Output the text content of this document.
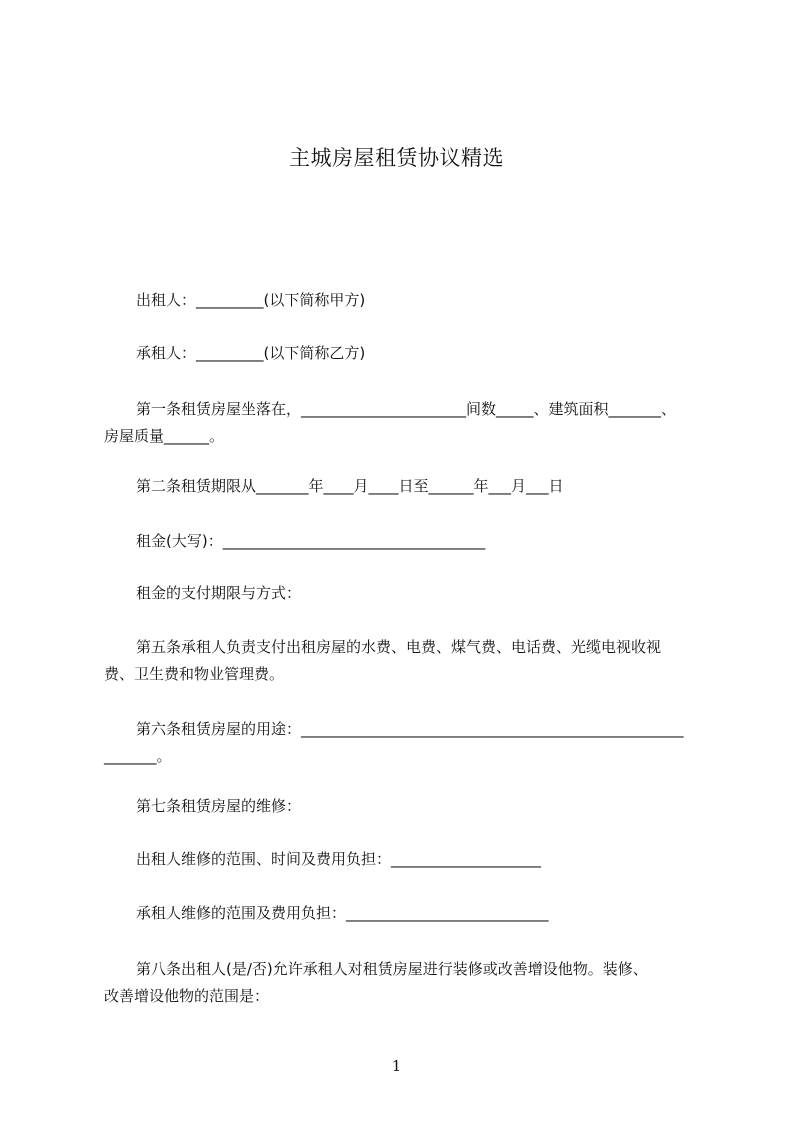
主城房屋租赁协议精选
出租人：_________(以下简称甲方)
承租人：_________(以下简称乙方)
第一条租赁房屋坐落在，______________________间数_____、建筑面积_______、
房屋质量______。
第二条租赁期限从_______年____月____日至______年___月___日
租金(大写)：___________________________________
租金的支付期限与方式：
第五条承租人负责支付出租房屋的水费、电费、煤气费、电话费、光缆电视收视
费、卫生费和物业管理费。
第六条租赁房屋的用途：___________________________________________________
_______。
第七条租赁房屋的维修：
出租人维修的范围、时间及费用负担：____________________
承租人维修的范围及费用负担：___________________________
第八条出租人(是/否)允许承租人对租赁房屋进行装修或改善增设他物。装修、
改善增设他物的范围是：
1
